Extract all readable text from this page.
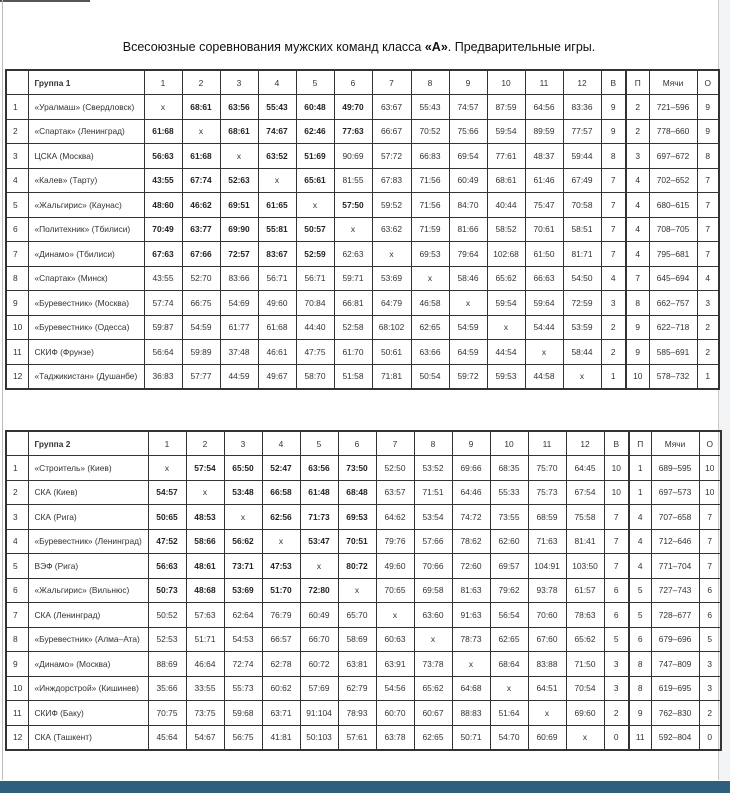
Всесоюзные соревнования мужских команд класса «А». Предварительные игры.
	Группа 1	1	2	3	4	5	6	7	8	9	10	11	12	В	П	Мячи	О
1	«Уралмаш» (Свердловск)	x	68:61	63:56	55:43	60:48	49:70	63:67	55:43	74:57	87:59	64:56	83:36	9	2	721–596	9
2	«Спартак» (Ленинград)	61:68	x	68:61	74:67	62:46	77:63	66:67	70:52	75:66	59:54	89:59	77:57	9	2	778–660	9
3	ЦСКА (Москва)	56:63	61:68	x	63:52	51:69	90:69	57:72	66:83	69:54	77:61	48:37	59:44	8	3	697–672	8
4	«Калев» (Тарту)	43:55	67:74	52:63	x	65:61	81:55	67:83	71:56	60:49	68:61	61:46	67:49	7	4	702–652	7
5	«Жальгирис» (Каунас)	48:60	46:62	69:51	61:65	x	57:50	59:52	71:56	84:70	40:44	75:47	70:58	7	4	680–615	7
6	«Политехник» (Тбилиси)	70:49	63:77	69:90	55:81	50:57	x	63:62	71:59	81:66	58:52	70:61	58:51	7	4	708–705	7
7	«Динамо» (Тбилиси)	67:63	67:66	72:57	83:67	52:59	62:63	x	69:53	79:64	102:68	61:50	81:71	7	4	795–681	7
8	«Спартак» (Минск)	43:55	52:70	83:66	56:71	56:71	59:71	53:69	x	58:46	65:62	66:63	54:50	4	7	645–694	4
9	«Буревестник» (Москва)	57:74	66:75	54:69	49:60	70:84	66:81	64:79	46:58	x	59:54	59:64	72:59	3	8	662–757	3
10	«Буревестник» (Одесса)	59:87	54:59	61:77	61:68	44:40	52:58	68:102	62:65	54:59	x	54:44	53:59	2	9	622–718	2
11	СКИФ (Фрунзе)	56:64	59:89	37:48	46:61	47:75	61:70	50:61	63:66	64:59	44:54	x	58:44	2	9	585–691	2
12	«Таджикистан» (Душанбе)	36:83	57:77	44:59	49:67	58:70	51:58	71:81	50:54	59:72	59:53	44:58	x	1	10	578–732	1
	Группа 2	1	2	3	4	5	6	7	8	9	10	11	12	В	П	Мячи	О
1	«Строитель» (Киев)	x	57:54	65:50	52:47	63:56	73:50	52:50	53:52	69:66	68:35	75:70	64:45	10	1	689–595	10
2	СКА (Киев)	54:57	x	53:48	66:58	61:48	68:48	63:57	71:51	64:46	55:33	75:73	67:54	10	1	697–573	10
3	СКА (Рига)	50:65	48:53	x	62:56	71:73	69:53	64:62	53:54	74:72	73:55	68:59	75:58	7	4	707–658	7
4	«Буревестник» (Ленинград)	47:52	58:66	56:62	x	53:47	70:51	79:76	57:66	78:62	62:60	71:63	81:41	7	4	712–646	7
5	ВЭФ (Рига)	56:63	48:61	73:71	47:53	x	80:72	49:60	70:66	72:60	69:57	104:91	103:50	7	4	771–704	7
6	«Жальгирис» (Вильнюс)	50:73	48:68	53:69	51:70	72:80	x	70:65	69:58	81:63	79:62	93:78	61:57	6	5	727–743	6
7	СКА (Ленинград)	50:52	57:63	62:64	76:79	60:49	65:70	x	63:60	91:63	56:54	70:60	78:63	6	5	728–677	6
8	«Буревестник» (Алма–Ата)	52:53	51:71	54:53	66:57	66:70	58:69	60:63	x	78:73	62:65	67:60	65:62	5	6	679–696	5
9	«Динамо» (Москва)	88:69	46:64	72:74	62:78	60:72	63:81	63:91	73:78	x	68:64	83:88	71:50	3	8	747–809	3
10	«Инждорстрой» (Кишинев)	35:66	33:55	55:73	60:62	57:69	62:79	54:56	65:62	64:68	x	64:51	70:54	3	8	619–695	3
11	СКИФ (Баку)	70:75	73:75	59:68	63:71	91:104	78:93	60:70	60:67	88:83	51:64	x	69:60	2	9	762–830	2
12	СКА (Ташкент)	45:64	54:67	56:75	41:81	50:103	57:61	63:78	62:65	50:71	54:70	60:69	x	0	11	592–804	0
